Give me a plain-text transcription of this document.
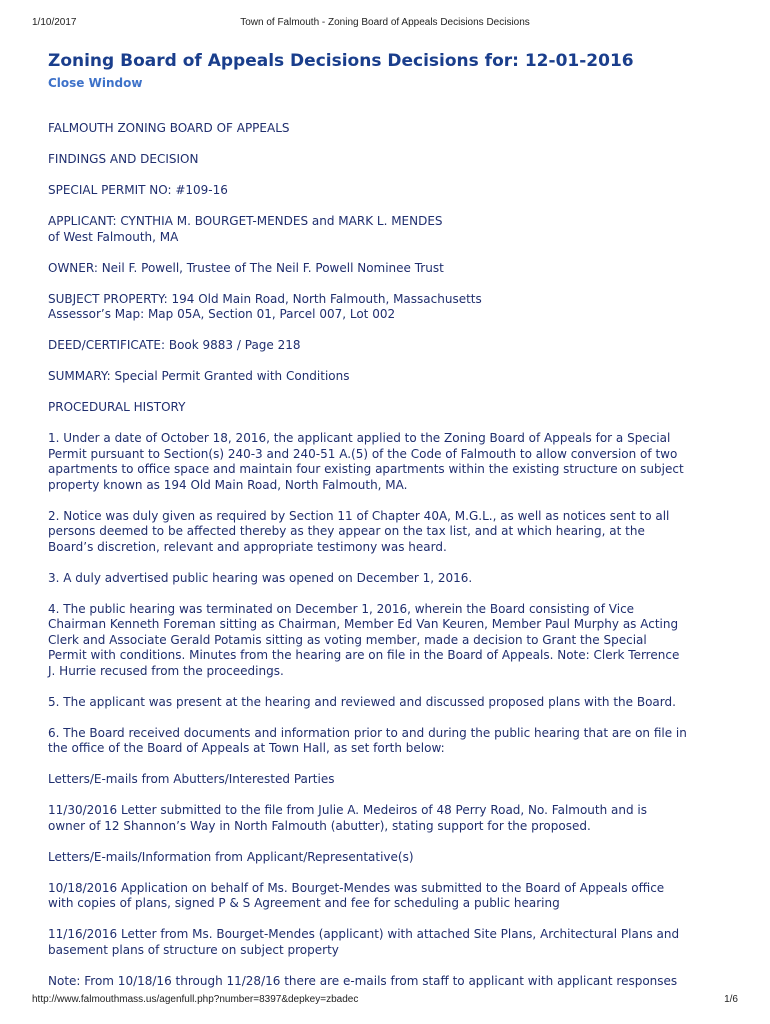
1/10/2017	Town of Falmouth - Zoning Board of Appeals Decisions Decisions
Zoning Board of Appeals Decisions Decisions for: 12-01-2016
Close Window

FALMOUTH ZONING BOARD OF APPEALS

FINDINGS AND DECISION

SPECIAL PERMIT NO: #109-16

APPLICANT: CYNTHIA M. BOURGET-MENDES and MARK L. MENDES
of West Falmouth, MA

OWNER: Neil F. Powell, Trustee of The Neil F. Powell Nominee Trust

SUBJECT PROPERTY: 194 Old Main Road, North Falmouth, Massachusetts
Assessor’s Map: Map 05A, Section 01, Parcel 007, Lot 002

DEED/CERTIFICATE: Book 9883 / Page 218

SUMMARY: Special Permit Granted with Conditions

PROCEDURAL HISTORY

1. Under a date of October 18, 2016, the applicant applied to the Zoning Board of Appeals for a Special
Permit pursuant to Section(s) 240-3 and 240-51 A.(5) of the Code of Falmouth to allow conversion of two
apartments to office space and maintain four existing apartments within the existing structure on subject
property known as 194 Old Main Road, North Falmouth, MA.

2. Notice was duly given as required by Section 11 of Chapter 40A, M.G.L., as well as notices sent to all
persons deemed to be affected thereby as they appear on the tax list, and at which hearing, at the
Board’s discretion, relevant and appropriate testimony was heard.

3. A duly advertised public hearing was opened on December 1, 2016.

4. The public hearing was terminated on December 1, 2016, wherein the Board consisting of Vice
Chairman Kenneth Foreman sitting as Chairman, Member Ed Van Keuren, Member Paul Murphy as Acting
Clerk and Associate Gerald Potamis sitting as voting member, made a decision to Grant the Special
Permit with conditions. Minutes from the hearing are on file in the Board of Appeals. Note: Clerk Terrence
J. Hurrie recused from the proceedings.

5. The applicant was present at the hearing and reviewed and discussed proposed plans with the Board.

6. The Board received documents and information prior to and during the public hearing that are on file in
the office of the Board of Appeals at Town Hall, as set forth below:

Letters/E-mails from Abutters/Interested Parties

11/30/2016 Letter submitted to the file from Julie A. Medeiros of 48 Perry Road, No. Falmouth and is
owner of 12 Shannon’s Way in North Falmouth (abutter), stating support for the proposed.

Letters/E-mails/Information from Applicant/Representative(s)

10/18/2016 Application on behalf of Ms. Bourget-Mendes was submitted to the Board of Appeals office
with copies of plans, signed P & S Agreement and fee for scheduling a public hearing

11/16/2016 Letter from Ms. Bourget-Mendes (applicant) with attached Site Plans, Architectural Plans and
basement plans of structure on subject property

Note: From 10/18/16 through 11/28/16 there are e-mails from staff to applicant with applicant responses

http://www.falmouthmass.us/agenfull.php?number=8397&depkey=zbadec	1/6
